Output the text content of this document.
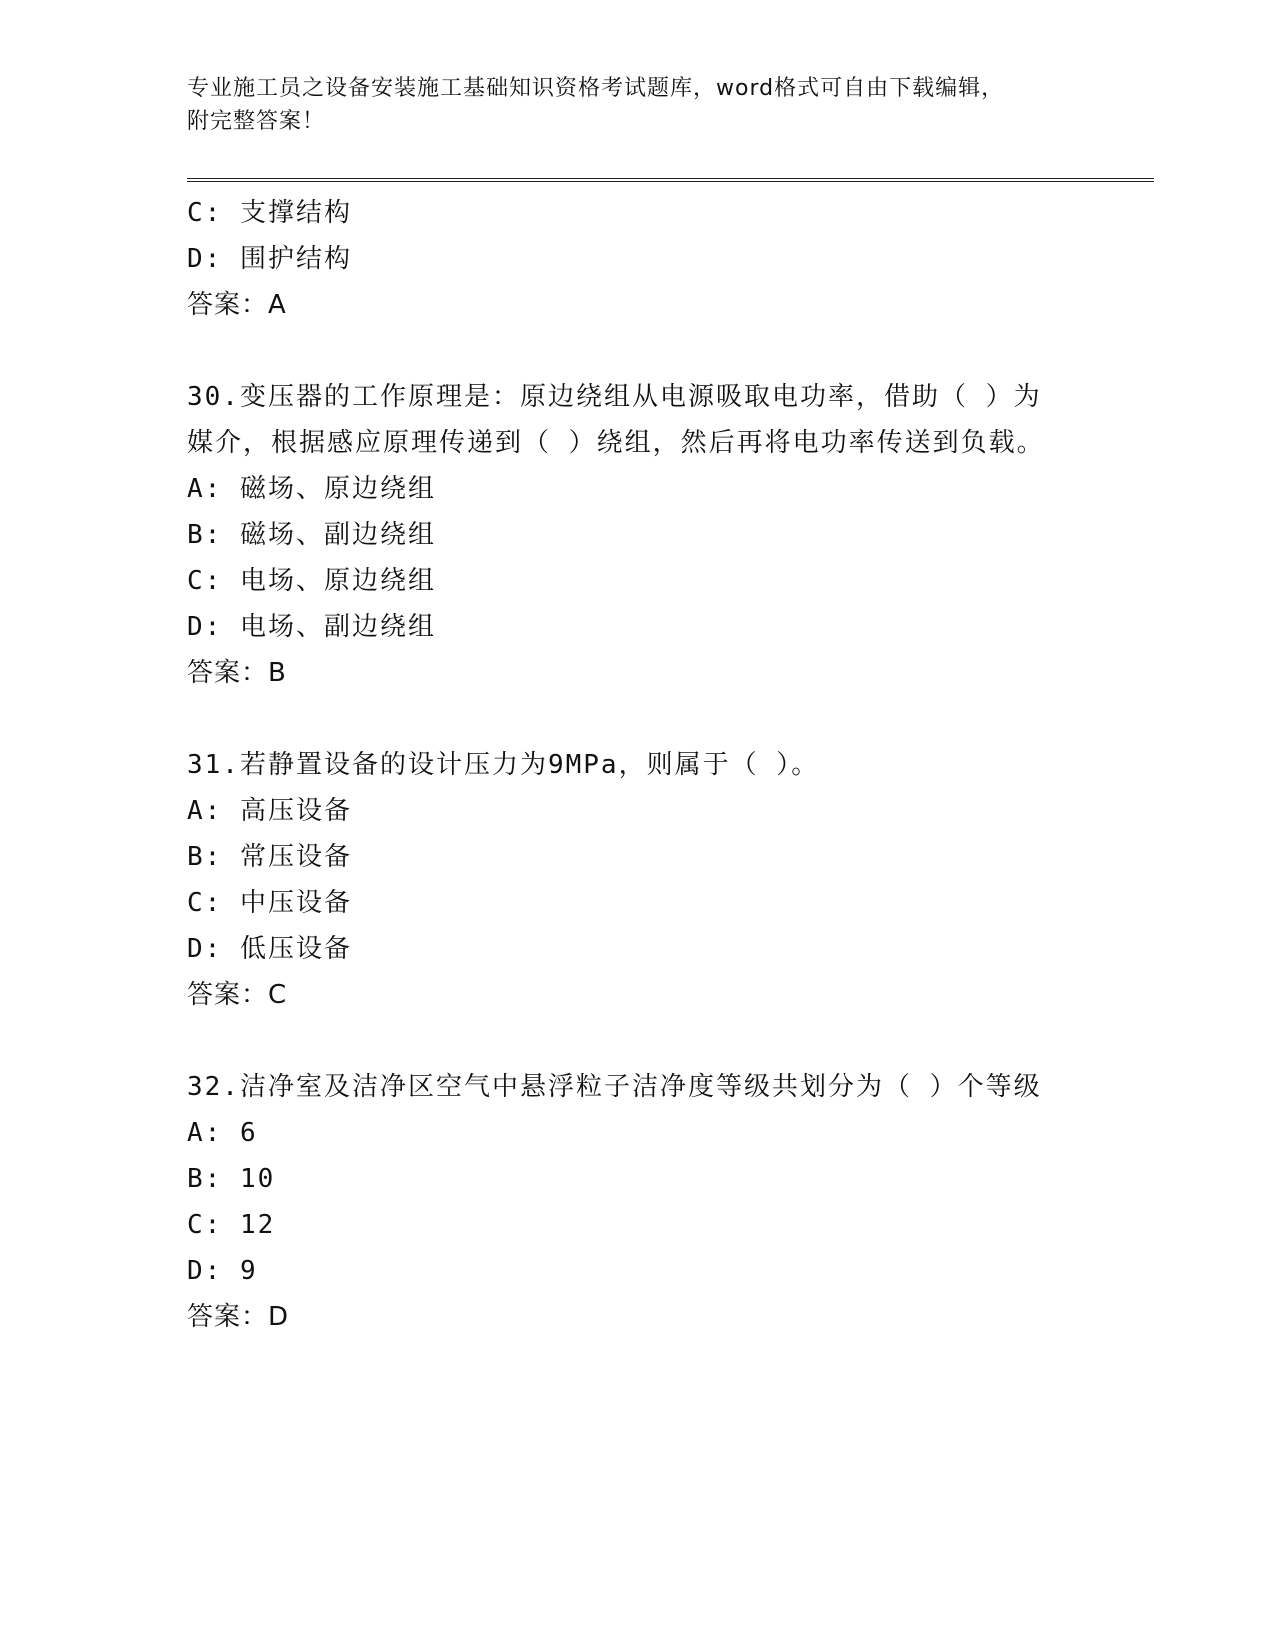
专业施工员之设备安装施工基础知识资格考试题库，word格式可自由下载编辑，
附完整答案！
C: 支撑结构
D: 围护结构
答案：A
30.变压器的工作原理是：原边绕组从电源吸取电功率，借助（ ）为
媒介，根据感应原理传递到（ ）绕组，然后再将电功率传送到负载。
A: 磁场、原边绕组
B: 磁场、副边绕组
C: 电场、原边绕组
D: 电场、副边绕组
答案：B
31.若静置设备的设计压力为9MPa，则属于（ ）。
A: 高压设备
B: 常压设备
C: 中压设备
D: 低压设备
答案：C
32.洁净室及洁净区空气中悬浮粒子洁净度等级共划分为（ ）个等级
A: 6
B: 10
C: 12
D: 9
答案：D
